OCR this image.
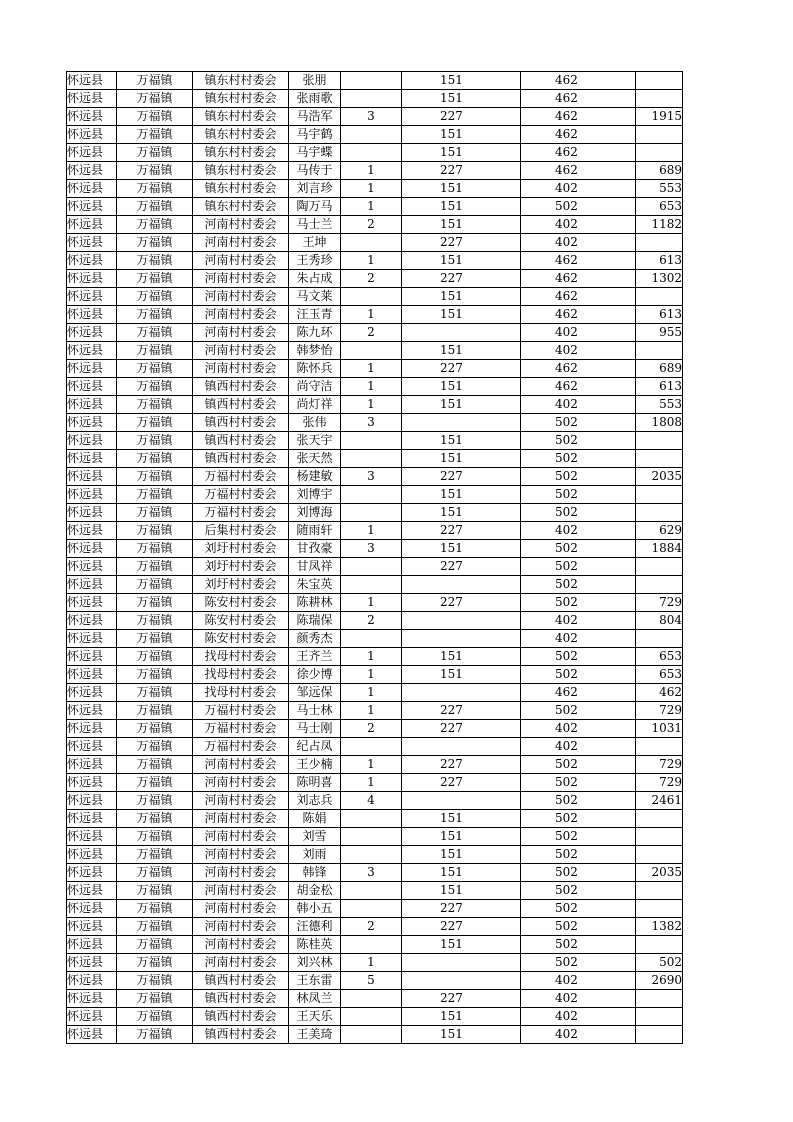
怀远县	万福镇	镇东村村委会	张朋		151	462	
怀远县	万福镇	镇东村村委会	张雨歌		151	462	
怀远县	万福镇	镇东村村委会	马浩军	3	227	462	1915
怀远县	万福镇	镇东村村委会	马宇鹤		151	462	
怀远县	万福镇	镇东村村委会	马宇蝶		151	462	
怀远县	万福镇	镇东村村委会	马传于	1	227	462	689
怀远县	万福镇	镇东村村委会	刘言珍	1	151	402	553
怀远县	万福镇	镇东村村委会	陶万马	1	151	502	653
怀远县	万福镇	河南村村委会	马士兰	2	151	402	1182
怀远县	万福镇	河南村村委会	王坤		227	402	
怀远县	万福镇	河南村村委会	王秀珍	1	151	462	613
怀远县	万福镇	河南村村委会	朱占成	2	227	462	1302
怀远县	万福镇	河南村村委会	马文莱		151	462	
怀远县	万福镇	河南村村委会	汪玉青	1	151	462	613
怀远县	万福镇	河南村村委会	陈九环	2		402	955
怀远县	万福镇	河南村村委会	韩梦怡		151	402	
怀远县	万福镇	河南村村委会	陈怀兵	1	227	462	689
怀远县	万福镇	镇西村村委会	尚守洁	1	151	462	613
怀远县	万福镇	镇西村村委会	尚灯祥	1	151	402	553
怀远县	万福镇	镇西村村委会	张伟	3		502	1808
怀远县	万福镇	镇西村村委会	张天宇		151	502	
怀远县	万福镇	镇西村村委会	张天然		151	502	
怀远县	万福镇	万福村村委会	杨建敏	3	227	502	2035
怀远县	万福镇	万福村村委会	刘博宇		151	502	
怀远县	万福镇	万福村村委会	刘博海		151	502	
怀远县	万福镇	后集村村委会	随雨轩	1	227	402	629
怀远县	万福镇	刘圩村村委会	甘孜豪	3	151	502	1884
怀远县	万福镇	刘圩村村委会	甘凤祥		227	502	
怀远县	万福镇	刘圩村村委会	朱宝英			502	
怀远县	万福镇	陈安村村委会	陈耕林	1	227	502	729
怀远县	万福镇	陈安村村委会	陈瑞保	2		402	804
怀远县	万福镇	陈安村村委会	颜秀杰			402	
怀远县	万福镇	找母村村委会	王齐兰	1	151	502	653
怀远县	万福镇	找母村村委会	徐少博	1	151	502	653
怀远县	万福镇	找母村村委会	邹远保	1		462	462
怀远县	万福镇	万福村村委会	马士林	1	227	502	729
怀远县	万福镇	万福村村委会	马士刚	2	227	402	1031
怀远县	万福镇	万福村村委会	纪占凤			402	
怀远县	万福镇	河南村村委会	王少楠	1	227	502	729
怀远县	万福镇	河南村村委会	陈明喜	1	227	502	729
怀远县	万福镇	河南村村委会	刘志兵	4		502	2461
怀远县	万福镇	河南村村委会	陈娟		151	502	
怀远县	万福镇	河南村村委会	刘雪		151	502	
怀远县	万福镇	河南村村委会	刘雨		151	502	
怀远县	万福镇	河南村村委会	韩锋	3	151	502	2035
怀远县	万福镇	河南村村委会	胡金松		151	502	
怀远县	万福镇	河南村村委会	韩小五		227	502	
怀远县	万福镇	河南村村委会	汪德利	2	227	502	1382
怀远县	万福镇	河南村村委会	陈桂英		151	502	
怀远县	万福镇	河南村村委会	刘兴林	1		502	502
怀远县	万福镇	镇西村村委会	王东雷	5		402	2690
怀远县	万福镇	镇西村村委会	林凤兰		227	402	
怀远县	万福镇	镇西村村委会	王天乐		151	402	
怀远县	万福镇	镇西村村委会	王美琦		151	402	
